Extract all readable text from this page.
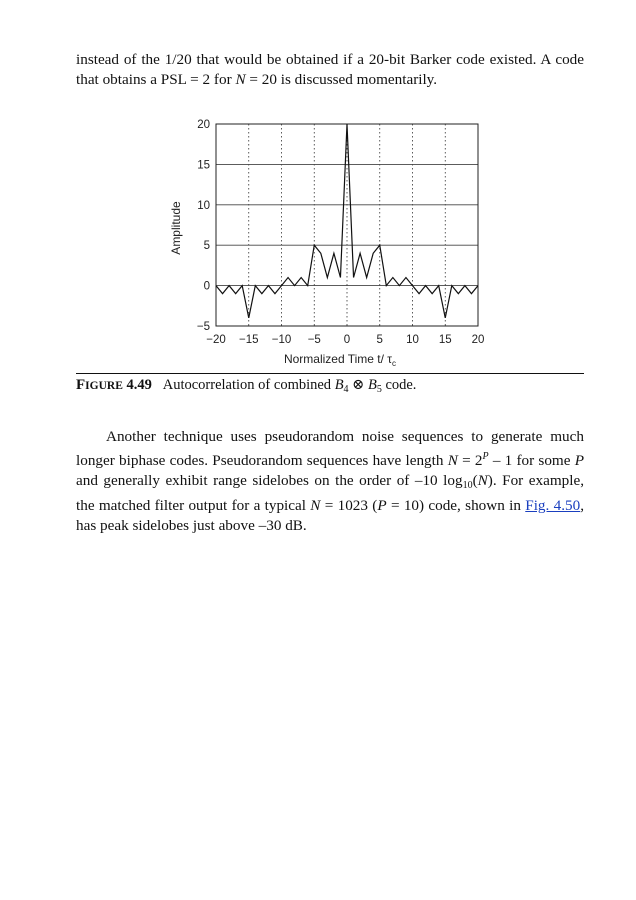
instead of the 1/20 that would be obtained if a 20-bit Barker code existed. A code that obtains a PSL = 2 for N = 20 is discussed momentarily.

−5
0
5
10
15
20
−20 −15 −10 −5 0 5 10 15 20
Amplitude
Normalized Time t/ $\tau_c$

FIGURE 4.49 Autocorrelation of combined $B_4$ ⊗ $B_5$ code.

Another technique uses pseudorandom noise sequences to generate much longer biphase codes. Pseudorandom sequences have length $N = 2^P - 1$ for some P and generally exhibit range sidelobes on the order of –10 $\log_{10}(N)$. For example, the matched filter output for a typical N = 1023 (P = 10) code, shown in Fig. 4.50, has peak sidelobes just above –30 dB.
